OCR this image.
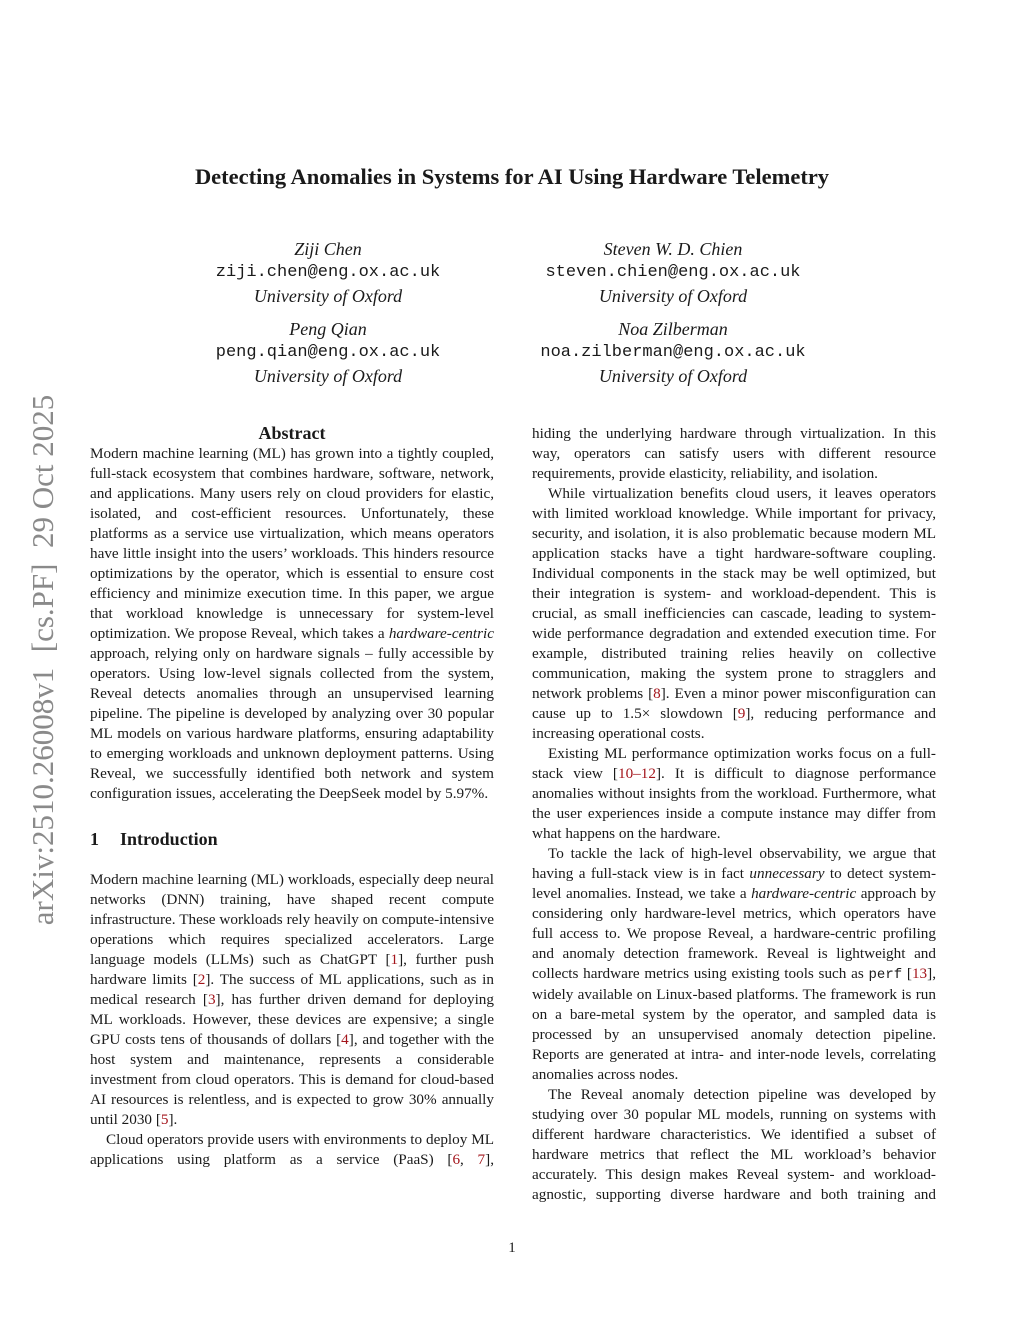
arXiv:2510.26008v1  [cs.PF]  29 Oct 2025
Detecting Anomalies in Systems for AI Using Hardware Telemetry
Ziji Chen
ziji.chen@eng.ox.ac.uk
University of Oxford
Steven W. D. Chien
steven.chien@eng.ox.ac.uk
University of Oxford
Peng Qian
peng.qian@eng.ox.ac.uk
University of Oxford
Noa Zilberman
noa.zilberman@eng.ox.ac.uk
University of Oxford
Abstract

Modern machine learning (ML) has grown into a tightly coupled, full-stack ecosystem that combines hardware, software, network, and applications. Many users rely on cloud providers for elastic, isolated, and cost-efficient resources. Unfortunately, these platforms as a service use virtualization, which means operators have little insight into the users’ workloads. This hinders resource optimizations by the operator, which is essential to ensure cost efficiency and minimize execution time. In this paper, we argue that workload knowledge is unnecessary for system-level optimization. We propose Reveal, which takes a hardware-centric approach, relying only on hardware signals – fully accessible by operators. Using low-level signals collected from the system, Reveal detects anomalies through an unsupervised learning pipeline. The pipeline is developed by analyzing over 30 popular ML models on various hardware platforms, ensuring adaptability to emerging workloads and unknown deployment patterns. Using Reveal, we successfully identified both network and system configuration issues, accelerating the DeepSeek model by 5.97%.

1 Introduction

Modern machine learning (ML) workloads, especially deep neural networks (DNN) training, have shaped recent compute infrastructure. These workloads rely heavily on compute-intensive operations which requires specialized accelerators. Large language models (LLMs) such as ChatGPT [1], further push hardware limits [2]. The success of ML applications, such as in medical research [3], has further driven demand for deploying ML workloads. However, these devices are expensive; a single GPU costs tens of thousands of dollars [4], and together with the host system and maintenance, represents a considerable investment from cloud operators. This is demand for cloud-based AI resources is relentless, and is expected to grow 30% annually until 2030 [5].

Cloud operators provide users with environments to deploy ML applications using platform as a service (PaaS) [6, 7],

hiding the underlying hardware through virtualization. In this way, operators can satisfy users with different resource requirements, provide elasticity, reliability, and isolation.

While virtualization benefits cloud users, it leaves operators with limited workload knowledge. While important for privacy, security, and isolation, it is also problematic because modern ML application stacks have a tight hardware-software coupling. Individual components in the stack may be well optimized, but their integration is system- and workload-dependent. This is crucial, as small inefficiencies can cascade, leading to system-wide performance degradation and extended execution time. For example, distributed training relies heavily on collective communication, making the system prone to stragglers and network problems [8]. Even a minor power misconfiguration can cause up to 1.5× slowdown [9], reducing performance and increasing operational costs.

Existing ML performance optimization works focus on a full-stack view [10–12]. It is difficult to diagnose performance anomalies without insights from the workload. Furthermore, what the user experiences inside a compute instance may differ from what happens on the hardware.

To tackle the lack of high-level observability, we argue that having a full-stack view is in fact unnecessary to detect system-level anomalies. Instead, we take a hardware-centric approach by considering only hardware-level metrics, which operators have full access to. We propose Reveal, a hardware-centric profiling and anomaly detection framework. Reveal is lightweight and collects hardware metrics using existing tools such as perf [13], widely available on Linux-based platforms. The framework is run on a bare-metal system by the operator, and sampled data is processed by an unsupervised anomaly detection pipeline. Reports are generated at intra- and inter-node levels, correlating anomalies across nodes.

The Reveal anomaly detection pipeline was developed by studying over 30 popular ML models, running on systems with different hardware characteristics. We identified a subset of hardware metrics that reflect the ML workload’s behavior accurately. This design makes Reveal system- and workload-agnostic, supporting diverse hardware and both training and

1
